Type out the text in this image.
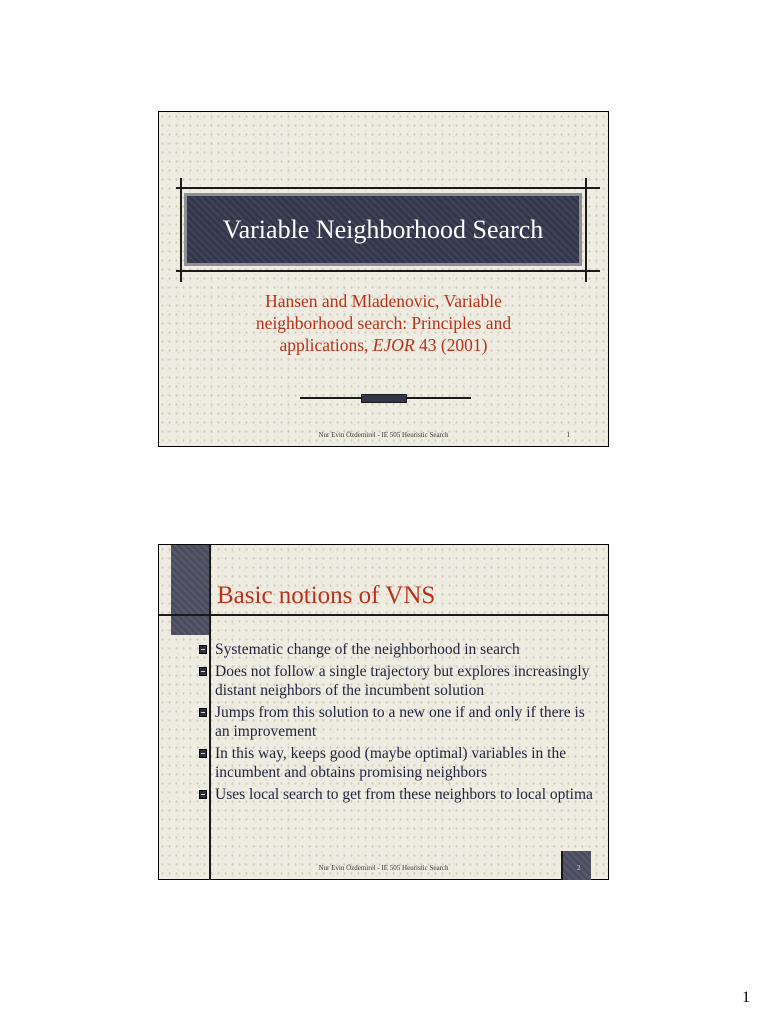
Variable Neighborhood Search
Hansen and Mladenovic, Variable
neighborhood search: Principles and
applications, EJOR 43 (2001)
Nur Evin Özdemirel - IE 505 Heuristic Search	1
Basic notions of VNS
Systematic change of the neighborhood in search
Does not follow a single trajectory but explores increasingly distant neighbors of the incumbent solution
Jumps from this solution to a new one if and only if there is an improvement
In this way, keeps good (maybe optimal) variables in the incumbent and obtains promising neighbors
Uses local search to get from these neighbors to local optima
Nur Evin Özdemirel - IE 505 Heuristic Search	2
1
